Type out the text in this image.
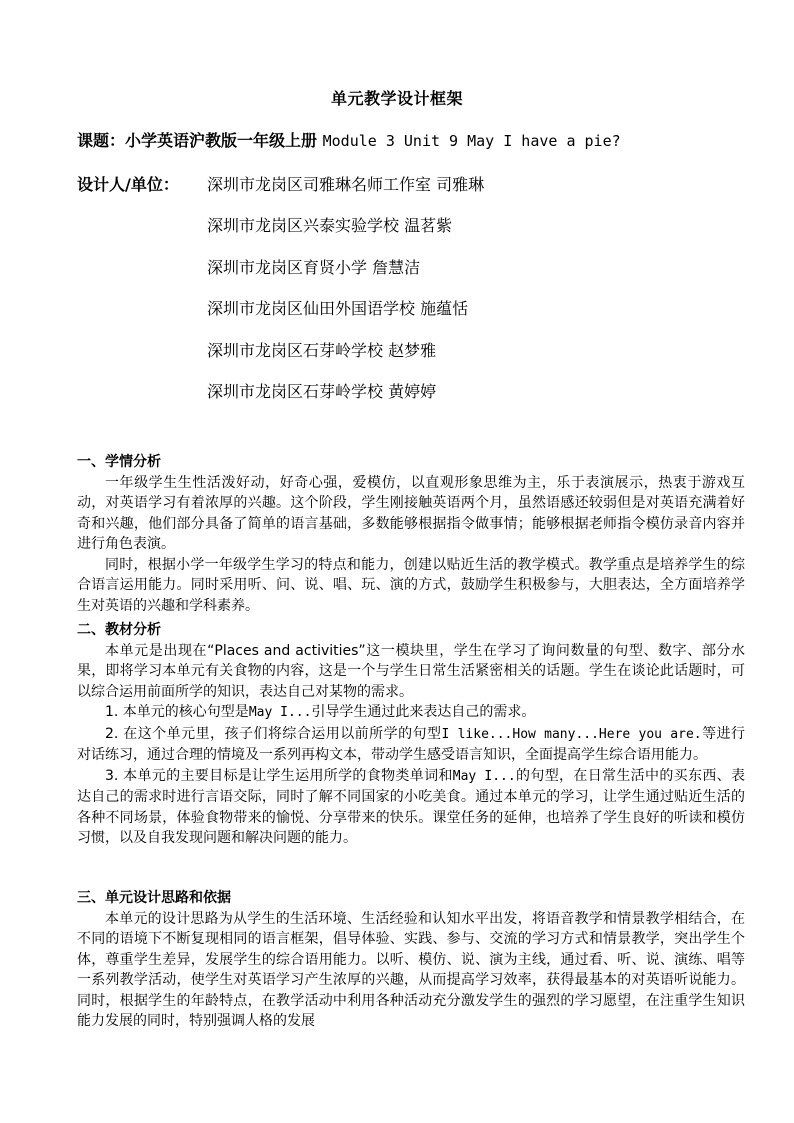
单元教学设计框架
课题：小学英语沪教版一年级上册 Module 3 Unit 9 May I have a pie?
设计人/单位： 深圳市龙岗区司雅琳名师工作室 司雅琳
深圳市龙岗区兴泰实验学校 温茗紫
深圳市龙岗区育贤小学 詹慧洁
深圳市龙岗区仙田外国语学校 施蕴恬
深圳市龙岗区石芽岭学校 赵梦雅
深圳市龙岗区石芽岭学校 黄婷婷
一、学情分析

一年级学生生性活泼好动，好奇心强，爱模仿，以直观形象思维为主，乐于表演展示，热衷于游戏互动，对英语学习有着浓厚的兴趣。这个阶段，学生刚接触英语两个月，虽然语感还较弱但是对英语充满着好奇和兴趣，他们部分具备了简单的语言基础，多数能够根据指令做事情；能够根据老师指令模仿录音内容并进行角色表演。

同时，根据小学一年级学生学习的特点和能力，创建以贴近生活的教学模式。教学重点是培养学生的综合语言运用能力。同时采用听、问、说、唱、玩、演的方式，鼓励学生积极参与，大胆表达，全方面培养学生对英语的兴趣和学科素养。

二、教材分析

本单元是出现在“Places and activities”这一模块里，学生在学习了询问数量的句型、数字、部分水果，即将学习本单元有关食物的内容，这是一个与学生日常生活紧密相关的话题。学生在谈论此话题时，可以综合运用前面所学的知识，表达自己对某物的需求。

1. 本单元的核心句型是May I...引导学生通过此来表达自己的需求。

2. 在这个单元里，孩子们将综合运用以前所学的句型I like...How many...Here you are.等进行对话练习，通过合理的情境及一系列再构文本，带动学生感受语言知识，全面提高学生综合语用能力。

3. 本单元的主要目标是让学生运用所学的食物类单词和May I...的句型，在日常生活中的买东西、表达自己的需求时进行言语交际，同时了解不同国家的小吃美食。通过本单元的学习，让学生通过贴近生活的各种不同场景，体验食物带来的愉悦、分享带来的快乐。课堂任务的延伸，也培养了学生良好的听读和模仿习惯，以及自我发现问题和解决问题的能力。

三、单元设计思路和依据

本单元的设计思路为从学生的生活环境、生活经验和认知水平出发，将语音教学和情景教学相结合，在不同的语境下不断复现相同的语言框架，倡导体验、实践、参与、交流的学习方式和情景教学，突出学生个体，尊重学生差异，发展学生的综合语用能力。以听、模仿、说、演为主线，通过看、听、说、演练、唱等一系列教学活动，使学生对英语学习产生浓厚的兴趣，从而提高学习效率，获得最基本的对英语听说能力。同时，根据学生的年龄特点，在教学活动中利用各种活动充分激发学生的强烈的学习愿望，在注重学生知识能力发展的同时，特别强调人格的发展
